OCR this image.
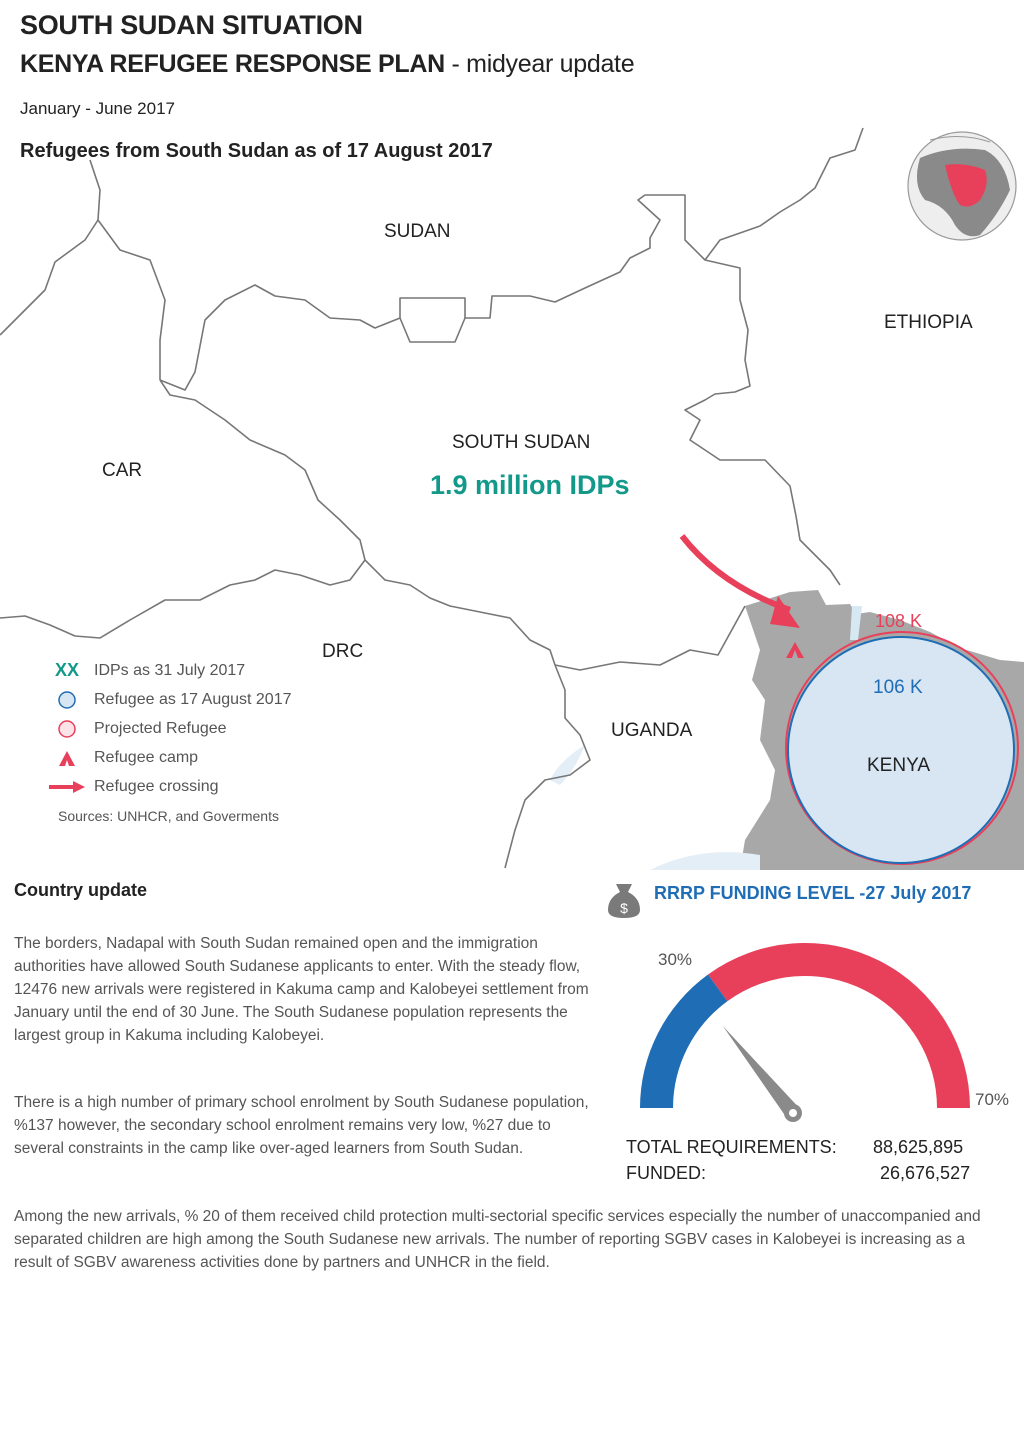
SOUTH SUDAN SITUATION
KENYA REFUGEE RESPONSE PLAN - midyear update
January - June 2017
Refugees from South Sudan as of 17 August 2017
SUDAN
ETHIOPIA
SOUTH SUDAN
CAR
DRC
UGANDA
KENYA
1.9 million IDPs
108 K
106 K
XX IDPs as 31 July 2017
Refugee as 17 August 2017
Projected Refugee
Refugee camp
Refugee crossing
Sources: UNHCR, and Goverments
Country update
The borders, Nadapal with South Sudan remained open and the immigration authorities have allowed South Sudanese applicants to enter. With the steady flow, 12476 new arrivals were registered in Kakuma camp and Kalobeyei settlement from January until the end of 30 June. The South Sudanese population represents the largest group in Kakuma including Kalobeyei.
There is a high number of primary school enrolment by South Sudanese population, %137 however, the secondary school enrolment remains very low, %27 due to several constraints in the camp like over-aged learners from South Sudan.
Among the new arrivals, % 20 of them received child protection multi-sectorial specific services especially the number of unaccompanied and separated children are high among the South Sudanese new arrivals. The number of reporting SGBV cases in Kalobeyei is increasing as a result of SGBV awareness activities done by partners and UNHCR in the field.
$
RRRP FUNDING LEVEL -27 July 2017
30%
70%
TOTAL REQUIREMENTS: 88,625,895
FUNDED:	26,676,527
